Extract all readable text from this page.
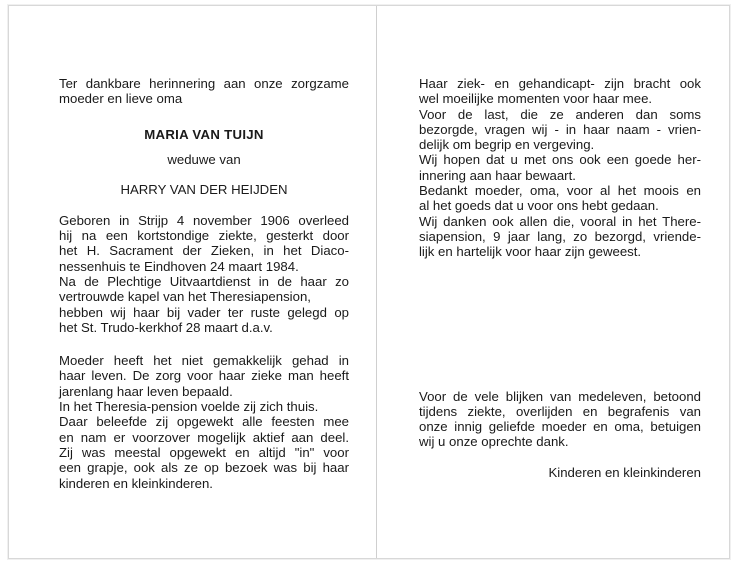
Ter dankbare herinnering aan onze zorgzame
moeder en lieve oma
MARIA VAN TUIJN
weduwe van
HARRY VAN DER HEIJDEN
Geboren in Strijp 4 november 1906 overleed
hij na een kortstondige ziekte, gesterkt door
het H. Sacrament der Zieken, in het Diaco-
nessenhuis te Eindhoven 24 maart 1984.
Na de Plechtige Uitvaartdienst in de haar zo
vertrouwde kapel van het Theresiapension,
hebben wij haar bij vader ter ruste gelegd op
het St. Trudo-kerkhof 28 maart d.a.v.
Moeder heeft het niet gemakkelijk gehad in
haar leven. De zorg voor haar zieke man heeft
jarenlang haar leven bepaald.
In het Theresia-pension voelde zij zich thuis.
Daar beleefde zij opgewekt alle feesten mee
en nam er voorzover mogelijk aktief aan deel.
Zij was meestal opgewekt en altijd "in" voor
een grapje, ook als ze op bezoek was bij haar
kinderen en kleinkinderen.
Haar ziek- en gehandicapt- zijn bracht ook
wel moeilijke momenten voor haar mee.
Voor de last, die ze anderen dan soms
bezorgde, vragen wij - in haar naam - vrien-
delijk om begrip en vergeving.
Wij hopen dat u met ons ook een goede her-
innering aan haar bewaart.
Bedankt moeder, oma, voor al het moois en
al het goeds dat u voor ons hebt gedaan.
Wij danken ook allen die, vooral in het There-
siapension, 9 jaar lang, zo bezorgd, vriende-
lijk en hartelijk voor haar zijn geweest.
Voor de vele blijken van medeleven, betoond
tijdens ziekte, overlijden en begrafenis van
onze innig geliefde moeder en oma, betuigen
wij u onze oprechte dank.
Kinderen en kleinkinderen
